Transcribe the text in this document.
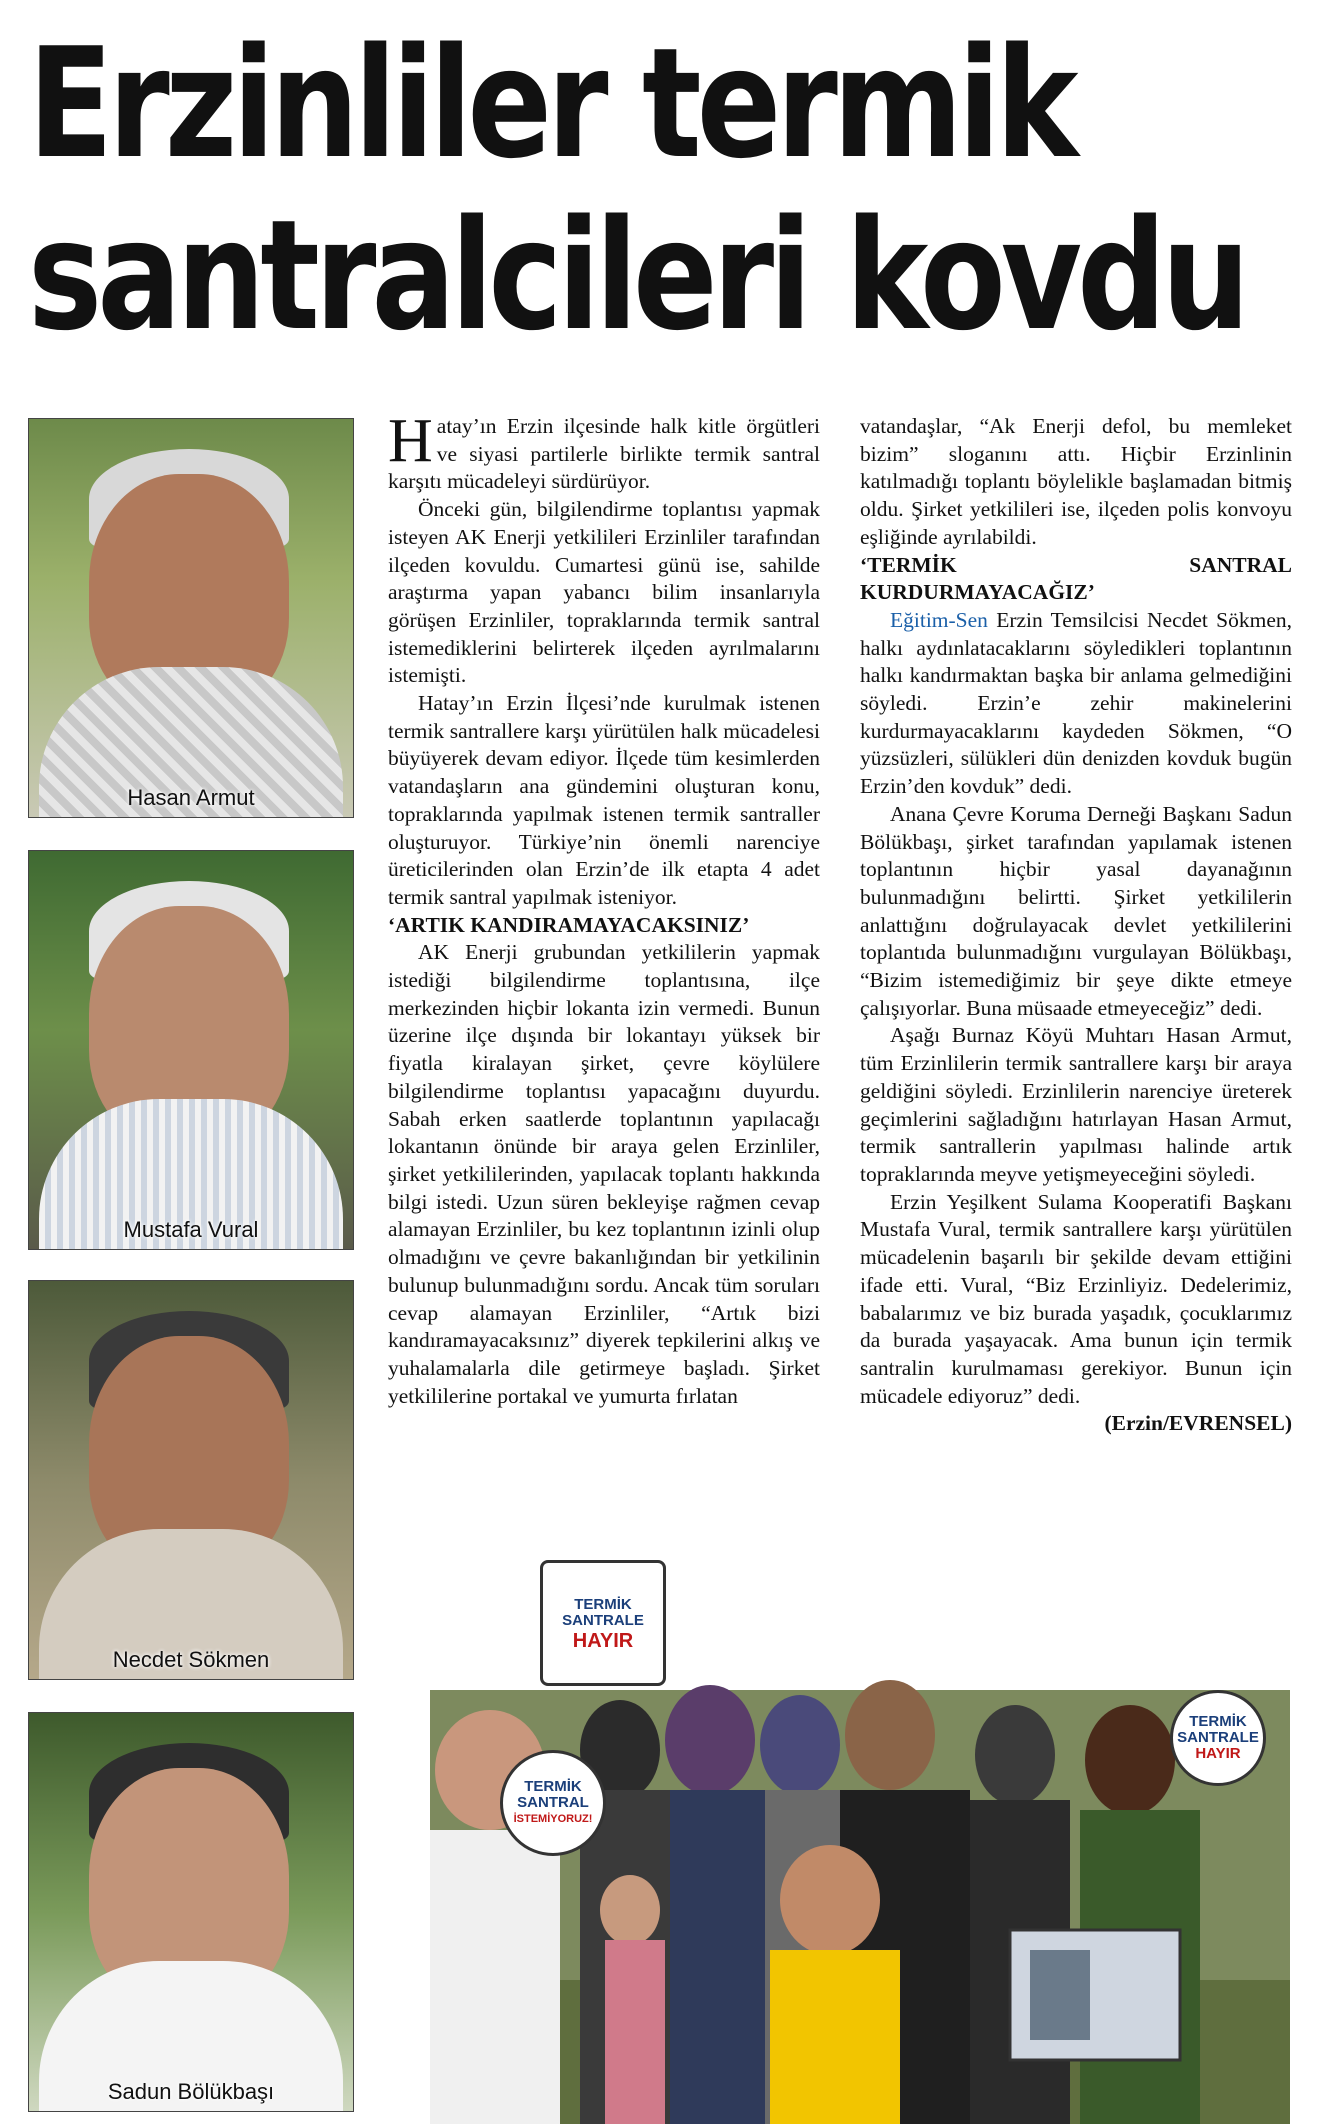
Erzinliler termik
santralcileri kovdu
Hasan Armut
Mustafa Vural
Necdet Sökmen
Sadun Bölükbaşı

Hatay’ın Erzin ilçesinde halk kitle örgütleri ve siyasi partilerle birlikte termik santral karşıtı mücadeleyi sürdürüyor.

Önceki gün, bilgilendirme toplantısı yapmak isteyen AK Enerji yetkilileri Erzinliler tarafından ilçeden kovuldu. Cumartesi günü ise, sahilde araştırma yapan yabancı bilim insanlarıyla görüşen Erzinliler, topraklarında termik santral istemediklerini belirterek ilçeden ayrılmalarını istemişti.

Hatay’ın Erzin İlçesi’nde kurulmak istenen termik santrallere karşı yürütülen halk mücadelesi büyüyerek devam ediyor. İlçede tüm kesimlerden vatandaşların ana gündemini oluşturan konu, topraklarında yapılmak istenen termik santraller oluşturuyor. Türkiye’nin önemli narenciye üreticilerinden olan Erzin’de ilk etapta 4 adet termik santral yapılmak isteniyor.

‘ARTIK KANDIRAMAYACAKSINIZ’

AK Enerji grubundan yetkililerin yapmak istediği bilgilendirme toplantısına, ilçe merkezinden hiçbir lokanta izin vermedi. Bunun üzerine ilçe dışında bir lokantayı yüksek bir fiyatla kiralayan şirket, çevre köylülere bilgilendirme toplantısı yapacağını duyurdu. Sabah erken saatlerde toplantının yapılacağı lokantanın önünde bir araya gelen Erzinliler, şirket yetkililerinden, yapılacak toplantı hakkında bilgi istedi. Uzun süren bekleyişe rağmen cevap alamayan Erzinliler, bu kez toplantının izinli olup olmadığını ve çevre bakanlığından bir yetkilinin bulunup bulunmadığını sordu. Ancak tüm soruları cevap alamayan Erzinliler, “Artık bizi kandıramayacaksınız” diyerek tepkilerini alkış ve yuhalamalarla dile getirmeye başladı. Şirket yetkililerine portakal ve yumurta fırlatan

vatandaşlar, “Ak Enerji defol, bu memleket bizim” sloganını attı. Hiçbir Erzinlinin katılmadığı toplantı böylelikle başlamadan bitmiş oldu. Şirket yetkilileri ise, ilçeden polis konvoyu eşliğinde ayrılabildi.

‘TERMİK SANTRAL KURDURMAYACAĞIZ’

Eğitim-Sen Erzin Temsilcisi Necdet Sökmen, halkı aydınlatacaklarını söyledikleri toplantının halkı kandırmaktan başka bir anlama gelmediğini söyledi. Erzin’e zehir makinelerini kurdurmayacaklarını kaydeden Sökmen, “O yüzsüzleri, sülükleri dün denizden kovduk bugün Erzin’den kovduk” dedi.

Anana Çevre Koruma Derneği Başkanı Sadun Bölükbaşı, şirket tarafından yapılamak istenen toplantının hiçbir yasal dayanağının bulunmadığını belirtti. Şirket yetkililerin anlattığını doğrulayacak devlet yetkililerini toplantıda bulunmadığını vurgulayan Bölükbaşı, “Bizim istemediğimiz bir şeye dikte etmeye çalışıyorlar. Buna müsaade etmeyeceğiz” dedi.

Aşağı Burnaz Köyü Muhtarı Hasan Armut, tüm Erzinlilerin termik santrallere karşı bir araya geldiğini söyledi. Erzinlilerin narenciye üreterek geçimlerini sağladığını hatırlayan Hasan Armut, termik santrallerin yapılması halinde artık topraklarında meyve yetişmeyeceğini söyledi.

Erzin Yeşilkent Sulama Kooperatifi Başkanı Mustafa Vural, termik santrallere karşı yürütülen mücadelenin başarılı bir şekilde devam ettiğini ifade etti. Vural, “Biz Erzinliyiz. Dedelerimiz, babalarımız ve biz burada yaşadık, çocuklarımız da burada yaşayacak. Ama bunun için termik santralin kurulmaması gerekiyor. Bunun için mücadele ediyoruz” dedi.

(Erzin/EVRENSEL)

TERMİK
SANTRALE
HAYIR
TERMİK
SANTRAL
İSTEMİYORUZ!
TERMİK
SANTRALE
HAYIR
